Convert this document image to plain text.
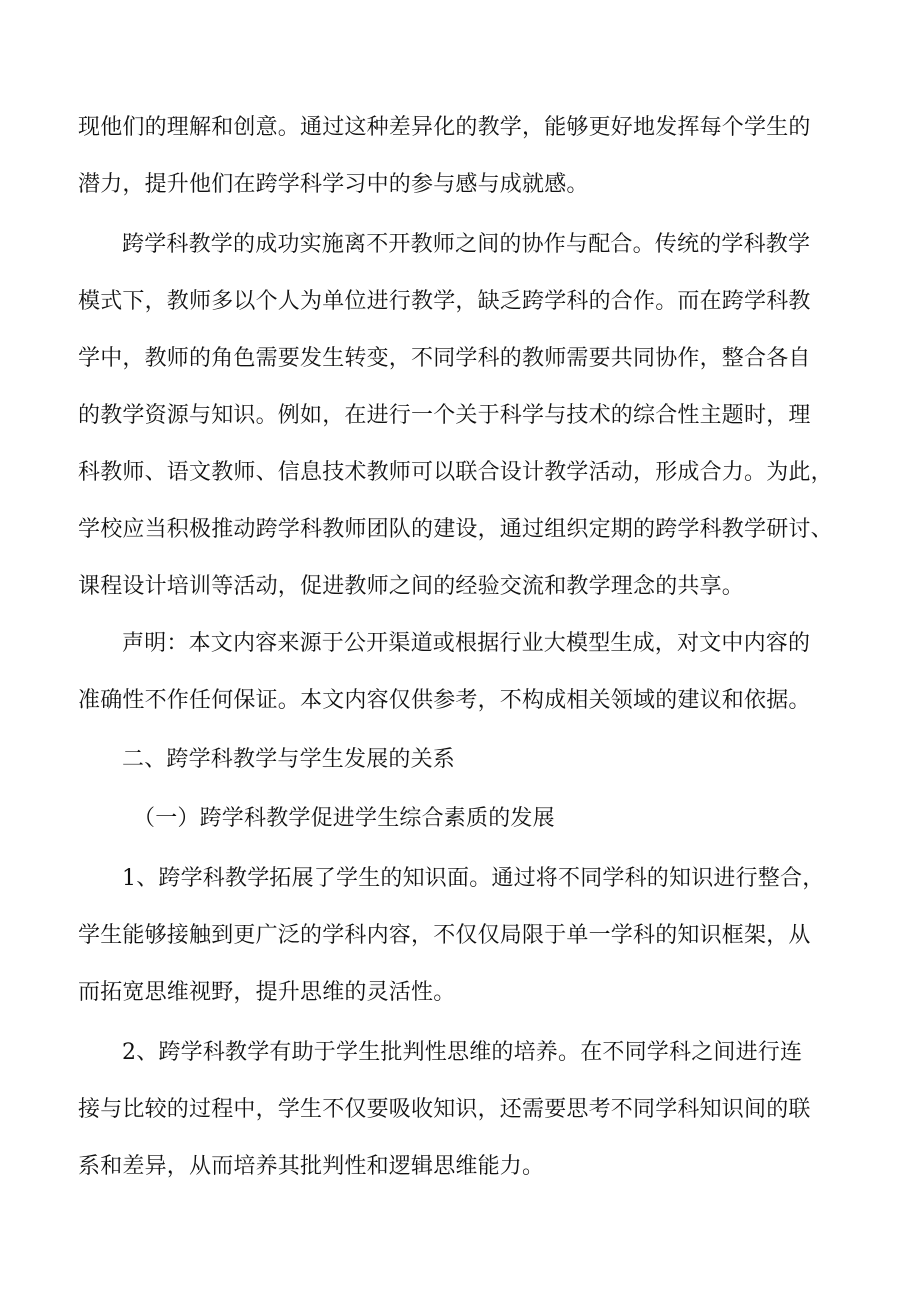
现他们的理解和创意。通过这种差异化的教学，能够更好地发挥每个学生的
潜力，提升他们在跨学科学习中的参与感与成就感。
跨学科教学的成功实施离不开教师之间的协作与配合。传统的学科教学
模式下，教师多以个人为单位进行教学，缺乏跨学科的合作。而在跨学科教
学中，教师的角色需要发生转变，不同学科的教师需要共同协作，整合各自
的教学资源与知识。例如，在进行一个关于科学与技术的综合性主题时，理
科教师、语文教师、信息技术教师可以联合设计教学活动，形成合力。为此，
学校应当积极推动跨学科教师团队的建设，通过组织定期的跨学科教学研讨、
课程设计培训等活动，促进教师之间的经验交流和教学理念的共享。
声明：本文内容来源于公开渠道或根据行业大模型生成，对文中内容的
准确性不作任何保证。本文内容仅供参考，不构成相关领域的建议和依据。
二、跨学科教学与学生发展的关系
（一）跨学科教学促进学生综合素质的发展
1、跨学科教学拓展了学生的知识面。通过将不同学科的知识进行整合，
学生能够接触到更广泛的学科内容，不仅仅局限于单一学科的知识框架，从
而拓宽思维视野，提升思维的灵活性。
2、跨学科教学有助于学生批判性思维的培养。在不同学科之间进行连
接与比较的过程中，学生不仅要吸收知识，还需要思考不同学科知识间的联
系和差异，从而培养其批判性和逻辑思维能力。
